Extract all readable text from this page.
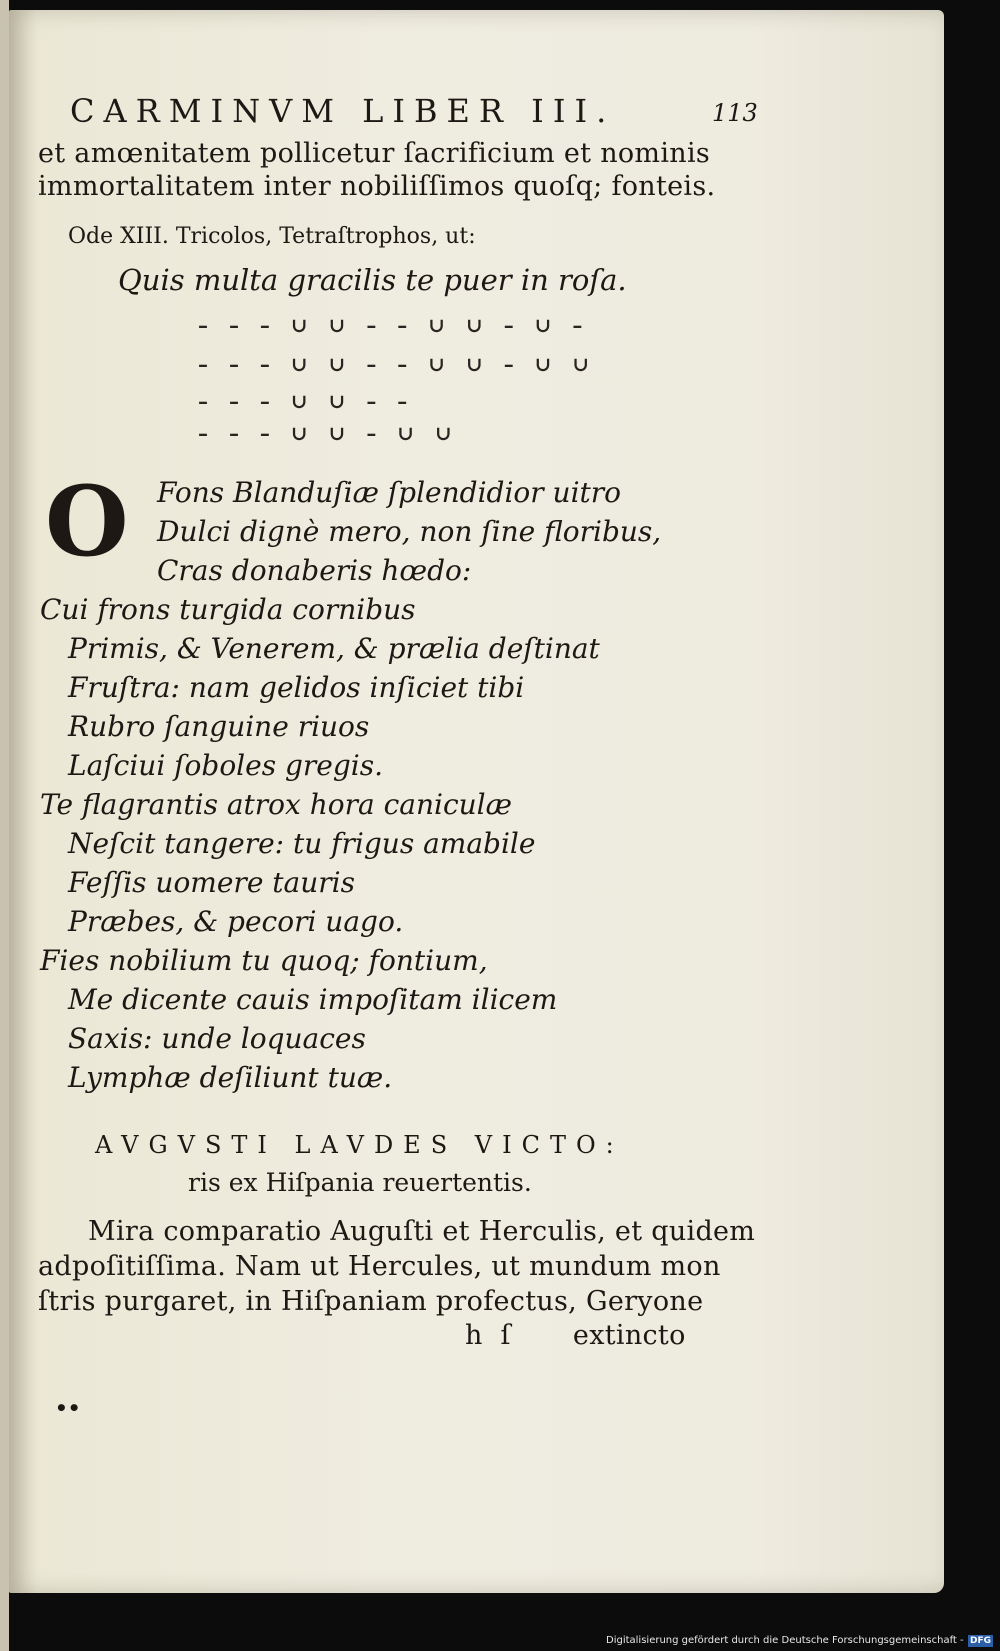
CARMINVM LIBER III.	113
et amœnitatem pollicetur ſacrificium et nominis
immortalitatem inter nobiliſſimos quoſq; fonteis.
Ode XIII. Tricolos, Tetraſtrophos, ut:
Quis multa gracilis te puer in roſa.
– – – ∪ ∪ – – ∪ ∪ – ∪ –
– – – ∪ ∪ – – ∪ ∪ – ∪ ∪
– – – ∪ ∪ – –
– – – ∪ ∪ – ∪ ∪
O Fons Blanduſiæ ſplendidior uitro
Dulci dignè mero, non ſine floribus,
Cras donaberis hœdo:
Cui frons turgida cornibus
Primis, & Venerem, & prælia deſtinat
Fruſtra: nam gelidos inſiciet tibi
Rubro ſanguine riuos
Laſciui ſoboles gregis.
Te flagrantis atrox hora caniculæ
Neſcit tangere: tu frigus amabile
Feſſis uomere tauris
Præbes, & pecori uago.
Fies nobilium tu quoq; fontium,
Me dicente cauis impoſitam ilicem
Saxis: unde loquaces
Lymphæ deſiliunt tuæ.
AVGVSTI LAVDES VICTO:
ris ex Hiſpania reuertentis.
Mira comparatio Auguſti et Herculis, et quidem
adpoſitiſſima. Nam ut Hercules, ut mundum mon
ſtris purgaret, in Hiſpaniam profectus, Geryone
h  ſ       extincto
••
Digitalisierung gefördert durch die Deutsche Forschungsgemeinschaft - DFG
